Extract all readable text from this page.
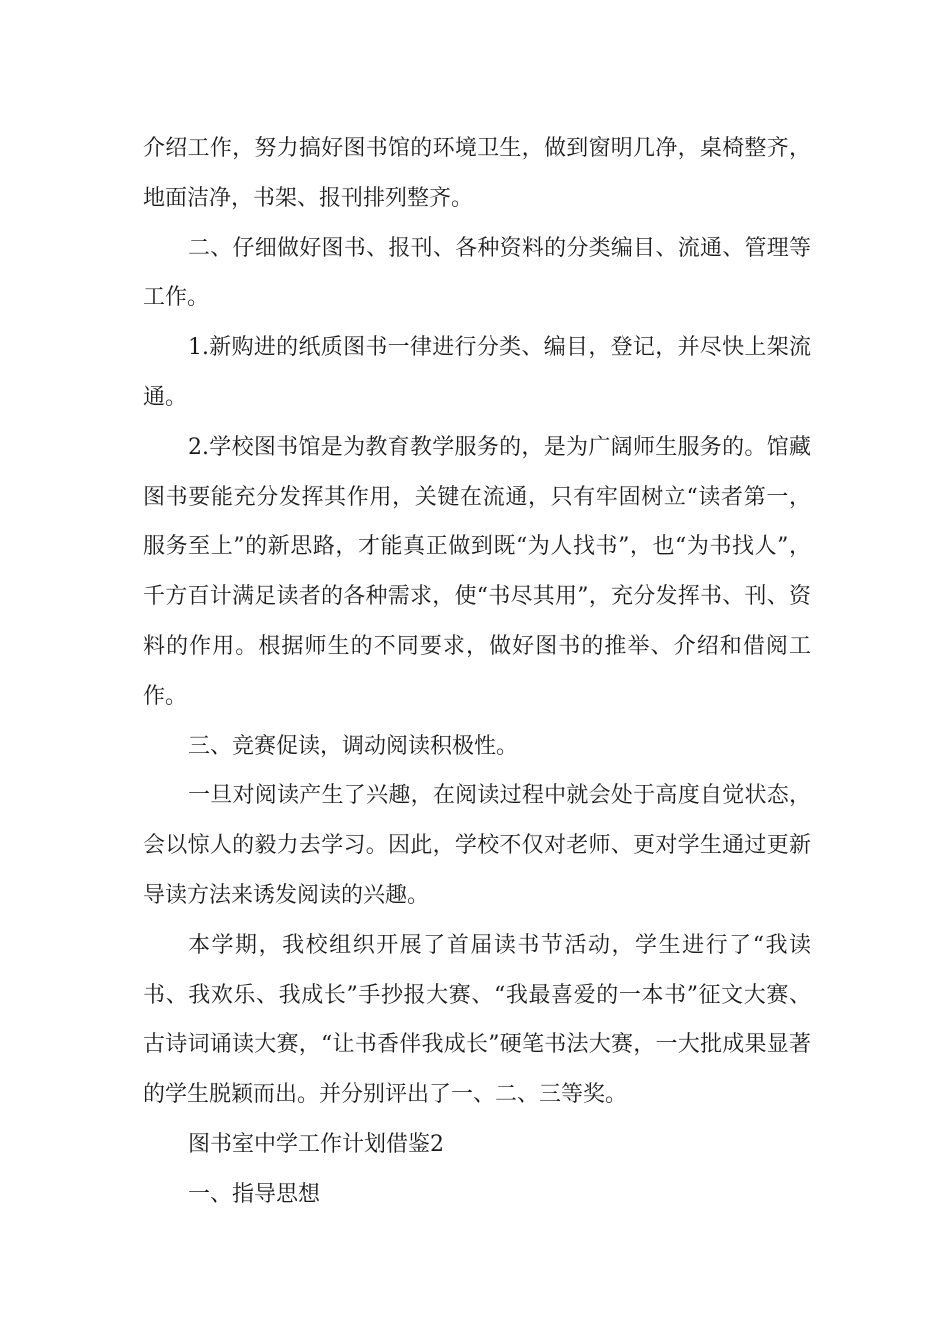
介绍工作，努力搞好图书馆的环境卫生，做到窗明几净，桌椅整齐，地面洁净，书架、报刊排列整齐。

二、仔细做好图书、报刊、各种资料的分类编目、流通、管理等工作。

1.新购进的纸质图书一律进行分类、编目，登记，并尽快上架流通。

2.学校图书馆是为教育教学服务的，是为广阔师生服务的。馆藏图书要能充分发挥其作用，关键在流通，只有牢固树立“读者第一，服务至上”的新思路，才能真正做到既“为人找书”，也“为书找人”，千方百计满足读者的各种需求，使“书尽其用”，充分发挥书、刊、资料的作用。根据师生的不同要求，做好图书的推举、介绍和借阅工作。

三、竞赛促读，调动阅读积极性。

一旦对阅读产生了兴趣，在阅读过程中就会处于高度自觉状态，会以惊人的毅力去学习。因此，学校不仅对老师、更对学生通过更新导读方法来诱发阅读的兴趣。

本学期，我校组织开展了首届读书节活动，学生进行了“我读书、我欢乐、我成长”手抄报大赛、“我最喜爱的一本书”征文大赛、古诗词诵读大赛，“让书香伴我成长”硬笔书法大赛，一大批成果显著的学生脱颖而出。并分别评出了一、二、三等奖。

图书室中学工作计划借鉴2

一、指导思想
